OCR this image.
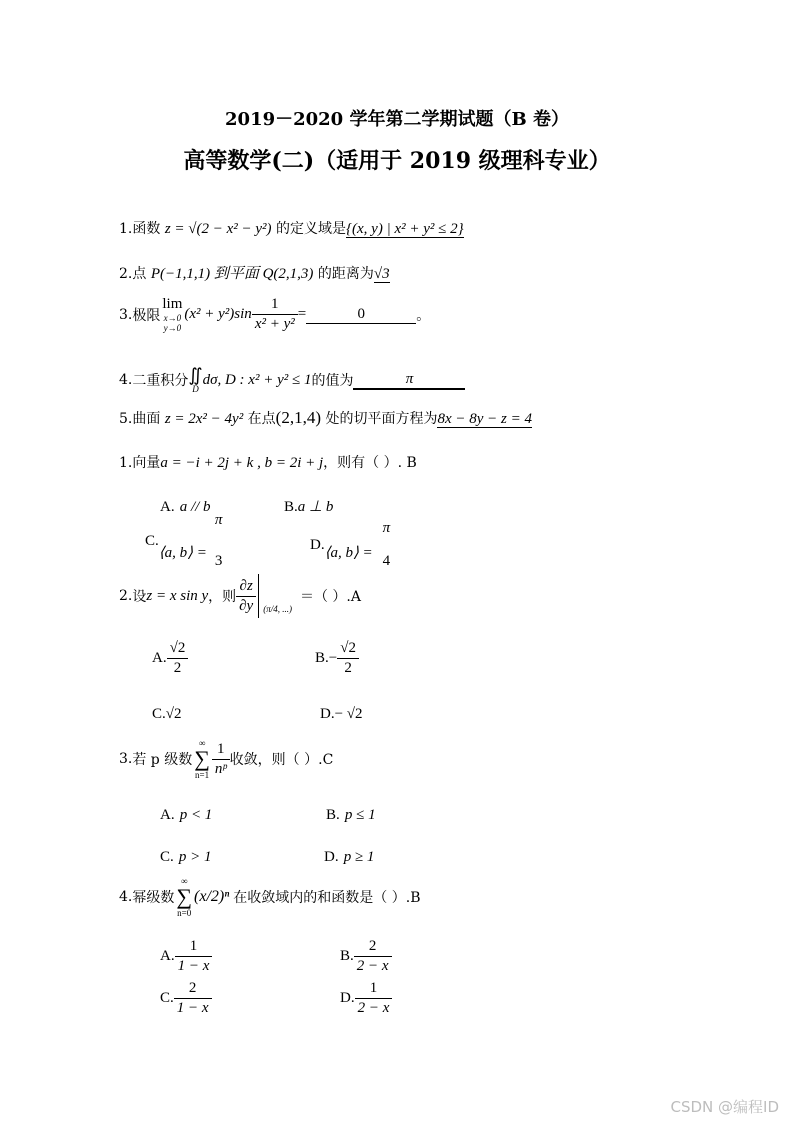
2019－2020 学年第二学期试题（B 卷）
高等数学(二)（适用于 2019 级理科专业）
1.函数 z = √(2 − x² − y²) 的定义域是{(x, y) | x² + y² ≤ 2}
2.点 P(−1,1,1) 到平面 Q(2,1,3) 的距离为√3
3. 极限
lim
x→0
y→0
$(x^2 + y^2)\sin \frac{1}{\text{x² + y²}}$ =	0	。
4. 二重积分 ∬
D
dσ, D : x² + y² ≤ 1 的值为	π
5.曲面 z = 2x² − 4y² 在点(2,1,4) 处的切平面方程为8x − 8y − z = 4
1.向量a = −i + 2j + k , b = 2i + j，则有（ ）. B
A. a // b	B.a ⊥ b
C.
⟨a, b⟩ =
π
3
D. ⟨a, b⟩ =
π
4
2. 设 z = x sin y ，则 $\frac{\partial z}{\partial y} (\pi/4$, ...)
＝（ ）.A
A. $\frac{√2}{2}$	B. − $\frac{√2}{2}$
C.√2	D.− √2
3. 若 p 级数
∞
∑
$n=1 \frac{1}{\text{nᵖ}}$ 收敛，则（ ）.C
A. p < 1	B. p ≤ 1
C. p > 1	D. p ≥ 1
4. 幂级数
∞
∑
n=0
(x/2)ⁿ 在收敛域内的和函数是（ ）.B
A. $\frac{1}{1 - x}$	B. $\frac{2}{2 - x}$
C. $\frac{2}{1 - x}$	D. $\frac{1}{2 - x}$
CSDN @编程ID
